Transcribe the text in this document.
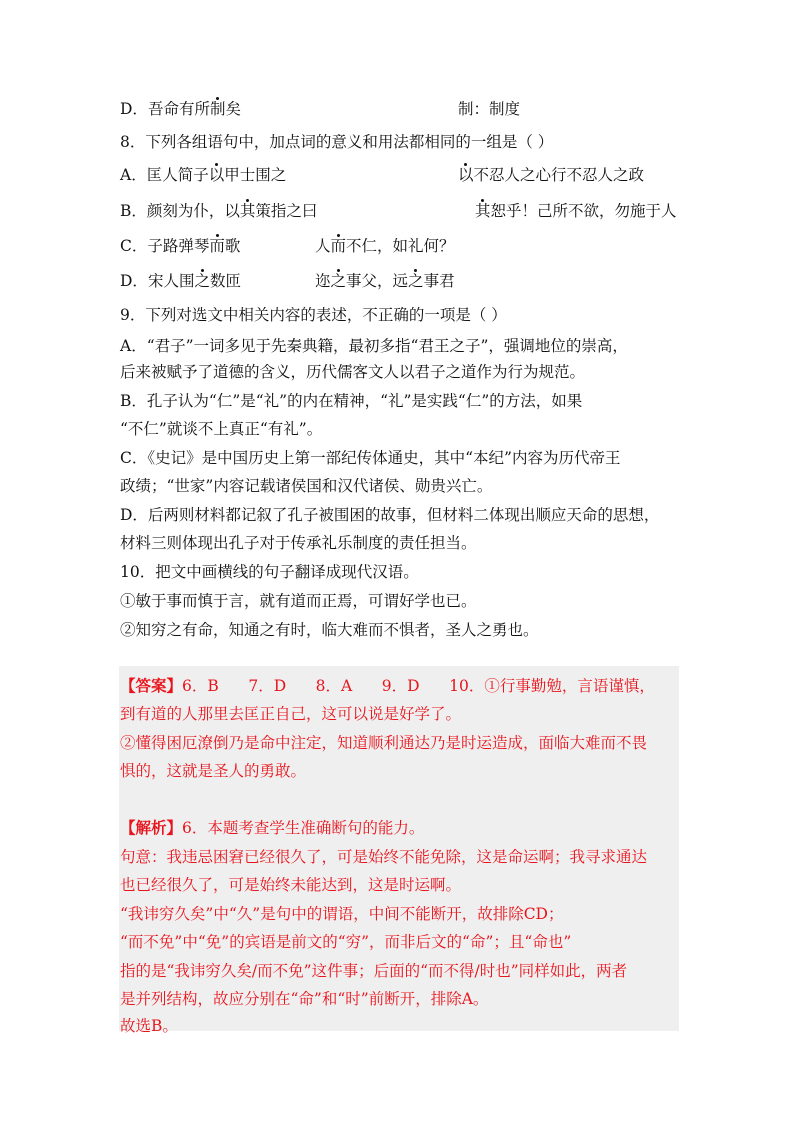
D．吾命有所制矣	制：制度

8．下列各组语句中，加点词的意义和用法都相同的一组是（ ）

A．匡人简子以甲士围之	以不忍人之心行不忍人之政

B．颜刻为仆，以其策指之曰	其恕乎！己所不欲，勿施于人

C．子路弹琴而歌	人而不仁，如礼何？

D．宋人围之数匝	迩之事父，远之事君

9．下列对选文中相关内容的表述，不正确的一项是（ ）

A．“君子”一词多见于先秦典籍，最初多指“君王之子”，强调地位的崇高，

后来被赋予了道德的含义，历代儒客文人以君子之道作为行为规范。

B．孔子认为“仁”是“礼”的内在精神，“礼”是实践“仁”的方法，如果

“不仁”就谈不上真正“有礼”。

C．《史记》是中国历史上第一部纪传体通史，其中“本纪”内容为历代帝王

政绩；“世家”内容记载诸侯国和汉代诸侯、勋贵兴亡。

D．后两则材料都记叙了孔子被围困的故事，但材料二体现出顺应天命的思想，

材料三则体现出孔子对于传承礼乐制度的责任担当。

10．把文中画横线的句子翻译成现代汉语。

①敏于事而慎于言，就有道而正焉，可谓好学也已。

②知穷之有命，知通之有时，临大难而不惧者，圣人之勇也。

【答案】6．B      7．D      8．A      9．D      10．①行事勤勉，言语谨慎，

到有道的人那里去匡正自己，这可以说是好学了。

②懂得困厄潦倒乃是命中注定，知道顺利通达乃是时运造成，面临大难而不畏

惧的，这就是圣人的勇敢。

【解析】6．本题考查学生准确断句的能力。

句意：我违忌困窘已经很久了，可是始终不能免除，这是命运啊；我寻求通达

也已经很久了，可是始终未能达到，这是时运啊。

“我讳穷久矣”中“久”是句中的谓语，中间不能断开，故排除CD；

“而不免”中“免”的宾语是前文的“穷”，而非后文的“命”；且“命也”

指的是“我讳穷久矣/而不免”这件事；后面的“而不得/时也”同样如此，两者

是并列结构，故应分别在“命”和“时”前断开，排除A。

故选B。
